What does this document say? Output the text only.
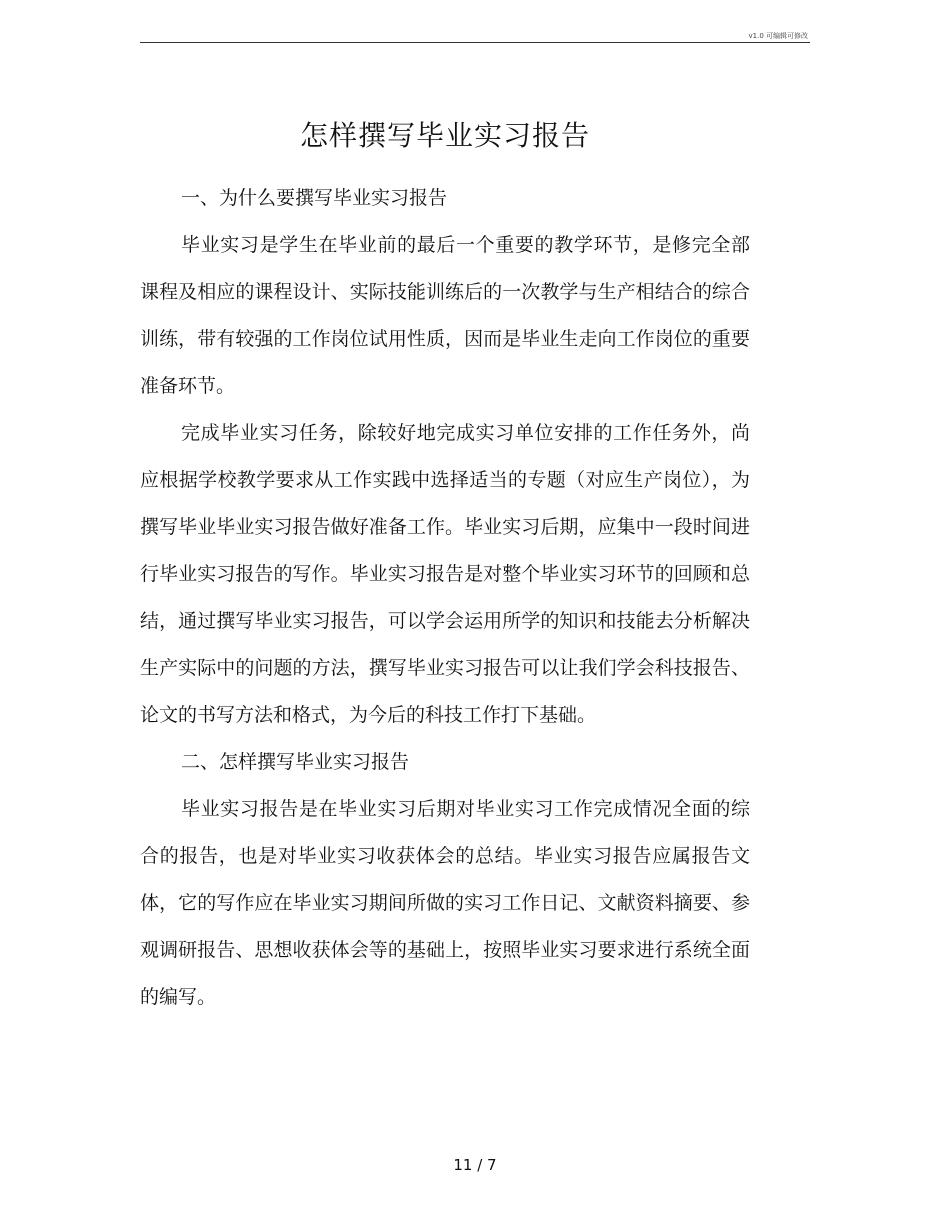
v1.0 可编辑可修改
怎样撰写毕业实习报告

一、为什么要撰写毕业实习报告

毕业实习是学生在毕业前的最后一个重要的教学环节，是修完全部课程及相应的课程设计、实际技能训练后的一次教学与生产相结合的综合训练，带有较强的工作岗位试用性质，因而是毕业生走向工作岗位的重要准备环节。

完成毕业实习任务，除较好地完成实习单位安排的工作任务外，尚应根据学校教学要求从工作实践中选择适当的专题（对应生产岗位），为撰写毕业毕业实习报告做好准备工作。毕业实习后期，应集中一段时间进行毕业实习报告的写作。毕业实习报告是对整个毕业实习环节的回顾和总结，通过撰写毕业实习报告，可以学会运用所学的知识和技能去分析解决生产实际中的问题的方法，撰写毕业实习报告可以让我们学会科技报告、论文的书写方法和格式，为今后的科技工作打下基础。

二、怎样撰写毕业实习报告

毕业实习报告是在毕业实习后期对毕业实习工作完成情况全面的综合的报告，也是对毕业实习收获体会的总结。毕业实习报告应属报告文体，它的写作应在毕业实习期间所做的实习工作日记、文献资料摘要、参观调研报告、思想收获体会等的基础上，按照毕业实习要求进行系统全面的编写。

11 / 7
